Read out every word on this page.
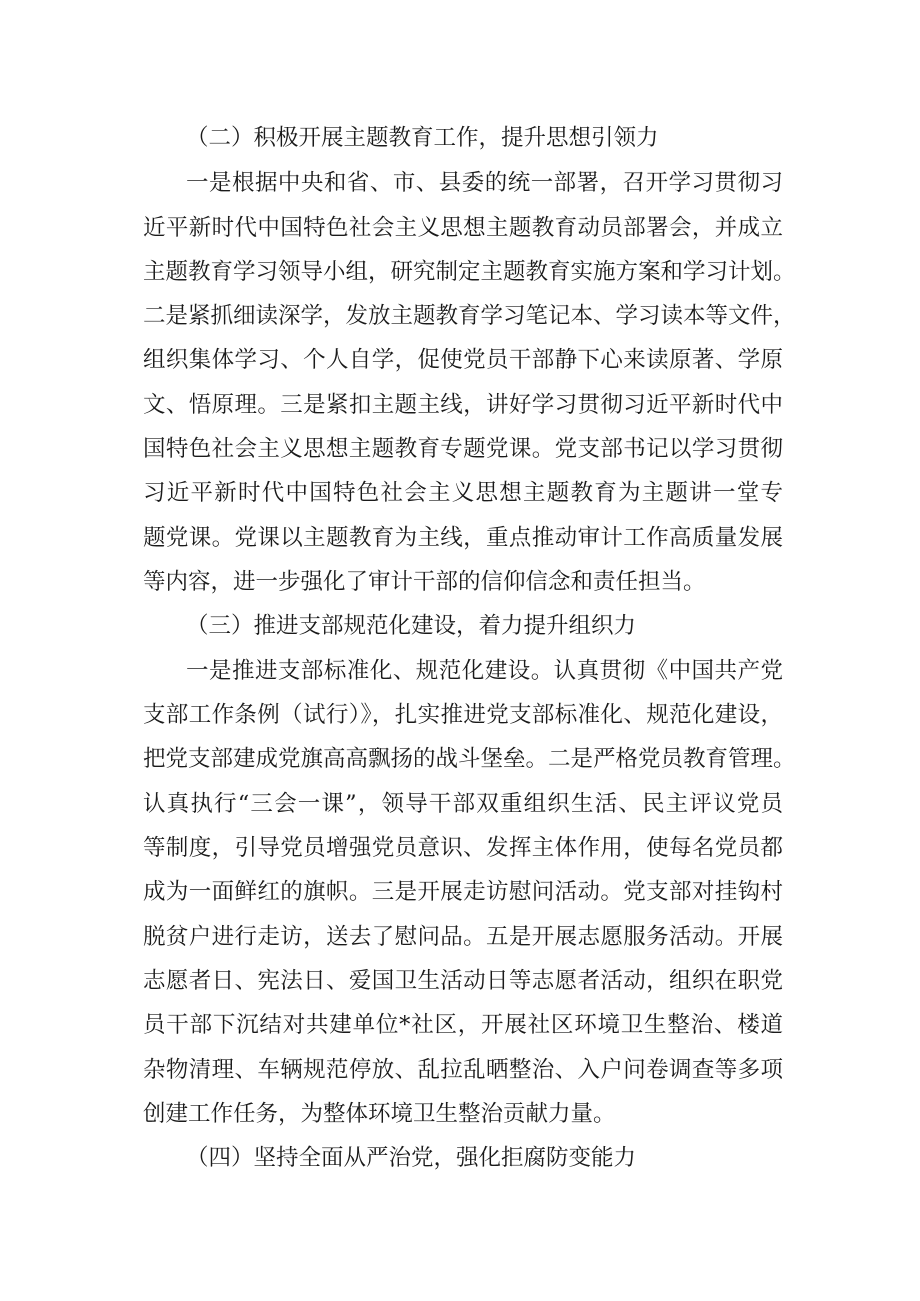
（二）积极开展主题教育工作，提升思想引领力
一是根据中央和省、市、县委的统一部署，召开学习贯彻习
近平新时代中国特色社会主义思想主题教育动员部署会，并成立
主题教育学习领导小组，研究制定主题教育实施方案和学习计划。
二是紧抓细读深学，发放主题教育学习笔记本、学习读本等文件，
组织集体学习、个人自学，促使党员干部静下心来读原著、学原
文、悟原理。三是紧扣主题主线，讲好学习贯彻习近平新时代中
国特色社会主义思想主题教育专题党课。党支部书记以学习贯彻
习近平新时代中国特色社会主义思想主题教育为主题讲一堂专
题党课。党课以主题教育为主线，重点推动审计工作高质量发展
等内容，进一步强化了审计干部的信仰信念和责任担当。
（三）推进支部规范化建设，着力提升组织力
一是推进支部标准化、规范化建设。认真贯彻《中国共产党
支部工作条例（试行）》，扎实推进党支部标准化、规范化建设，
把党支部建成党旗高高飘扬的战斗堡垒。二是严格党员教育管理。
认真执行“三会一课”，领导干部双重组织生活、民主评议党员
等制度，引导党员增强党员意识、发挥主体作用，使每名党员都
成为一面鲜红的旗帜。三是开展走访慰问活动。党支部对挂钩村
脱贫户进行走访，送去了慰问品。五是开展志愿服务活动。开展
志愿者日、宪法日、爱国卫生活动日等志愿者活动，组织在职党
员干部下沉结对共建单位*社区，开展社区环境卫生整治、楼道
杂物清理、车辆规范停放、乱拉乱晒整治、入户问卷调查等多项
创建工作任务，为整体环境卫生整治贡献力量。
（四）坚持全面从严治党，强化拒腐防变能力
